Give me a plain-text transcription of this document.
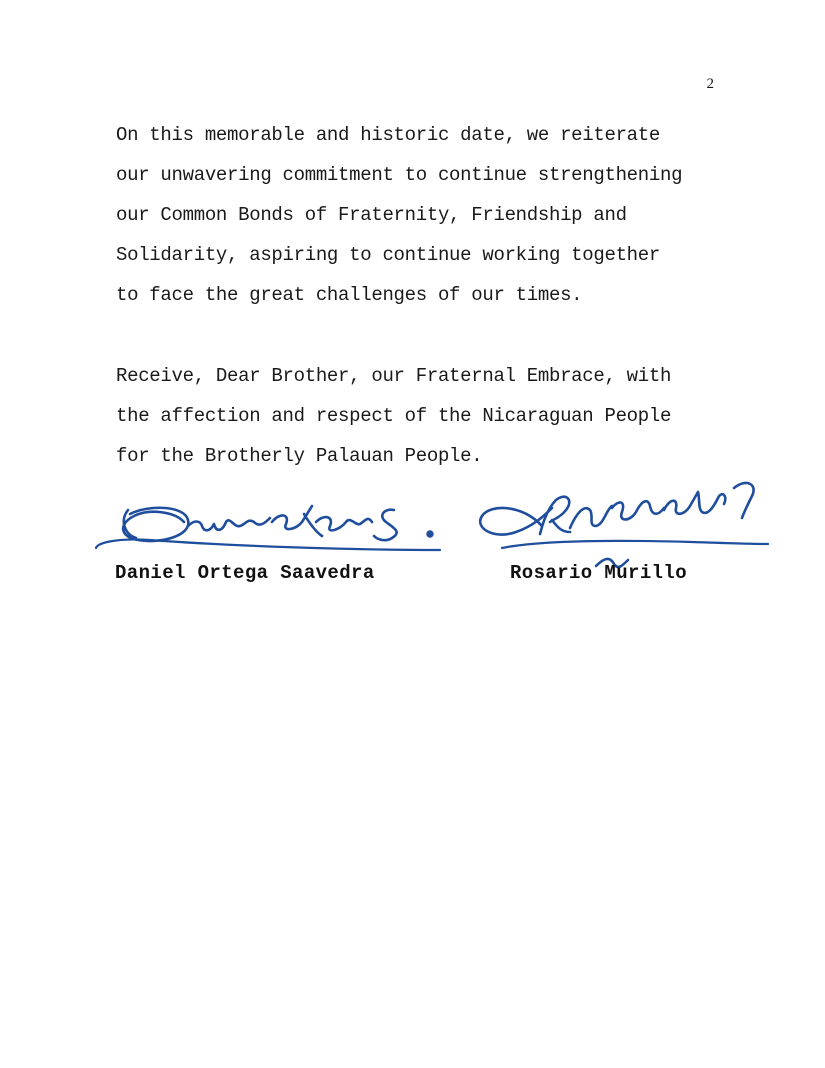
2

On this memorable and historic date, we reiterate
our unwavering commitment to continue strengthening
our Common Bonds of Fraternity, Friendship and
Solidarity, aspiring to continue working together
to face the great challenges of our times.

Receive, Dear Brother, our Fraternal Embrace, with
the affection and respect of the Nicaraguan People
for the Brotherly Palauan People.

Daniel Ortega Saavedra	Rosario Murillo
